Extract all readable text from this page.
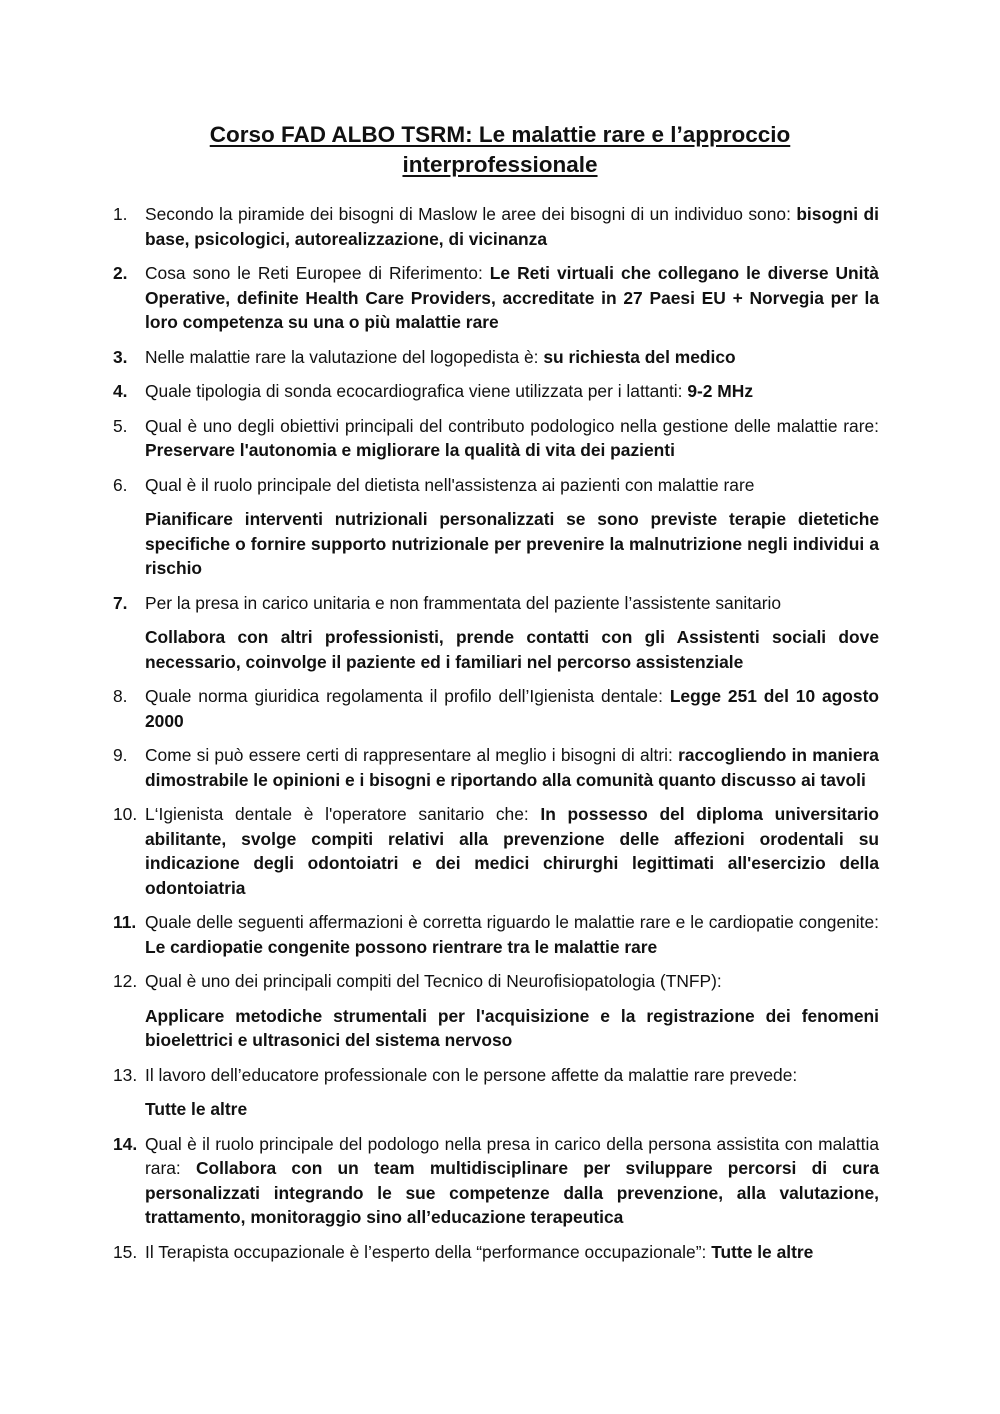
Corso FAD ALBO TSRM: Le malattie rare e l’approccio interprofessionale
1. Secondo la piramide dei bisogni di Maslow le aree dei bisogni di un individuo sono: bisogni di base, psicologici, autorealizzazione, di vicinanza
2. Cosa sono le Reti Europee di Riferimento: Le Reti virtuali che collegano le diverse Unità Operative, definite Health Care Providers, accreditate in 27 Paesi EU + Norvegia per la loro competenza su una o più malattie rare
3. Nelle malattie rare la valutazione del logopedista è: su richiesta del medico
4. Quale tipologia di sonda ecocardiografica viene utilizzata per i lattanti: 9-2 MHz
5. Qual è uno degli obiettivi principali del contributo podologico nella gestione delle malattie rare: Preservare l'autonomia e migliorare la qualità di vita dei pazienti
6. Qual è il ruolo principale del dietista nell'assistenza ai pazienti con malattie rare
Pianificare interventi nutrizionali personalizzati se sono previste terapie dietetiche specifiche o fornire supporto nutrizionale per prevenire la malnutrizione negli individui a rischio
7. Per la presa in carico unitaria e non frammentata del paziente l’assistente sanitario
Collabora con altri professionisti, prende contatti con gli Assistenti sociali dove necessario, coinvolge il paziente ed i familiari nel percorso assistenziale
8. Quale norma giuridica regolamenta il profilo dell’Igienista dentale: Legge 251 del 10 agosto 2000
9. Come si può essere certi di rappresentare al meglio i bisogni di altri: raccogliendo in maniera dimostrabile le opinioni e i bisogni e riportando alla comunità quanto discusso ai tavoli
10. L‘Igienista dentale è l'operatore sanitario che: In possesso del diploma universitario abilitante, svolge compiti relativi alla prevenzione delle affezioni orodentali su indicazione degli odontoiatri e dei medici chirurghi legittimati all'esercizio della odontoiatria
11. Quale delle seguenti affermazioni è corretta riguardo le malattie rare e le cardiopatie congenite: Le cardiopatie congenite possono rientrare tra le malattie rare
12. Qual è uno dei principali compiti del Tecnico di Neurofisiopatologia (TNFP):
Applicare metodiche strumentali per l'acquisizione e la registrazione dei fenomeni bioelettrici e ultrasonici del sistema nervoso
13. Il lavoro dell’educatore professionale con le persone affette da malattie rare prevede:
Tutte le altre
14. Qual è il ruolo principale del podologo nella presa in carico della persona assistita con malattia rara: Collabora con un team multidisciplinare per sviluppare percorsi di cura personalizzati integrando le sue competenze dalla prevenzione, alla valutazione, trattamento, monitoraggio sino all’educazione terapeutica
15. Il Terapista occupazionale è l’esperto della “performance occupazionale”: Tutte le altre
